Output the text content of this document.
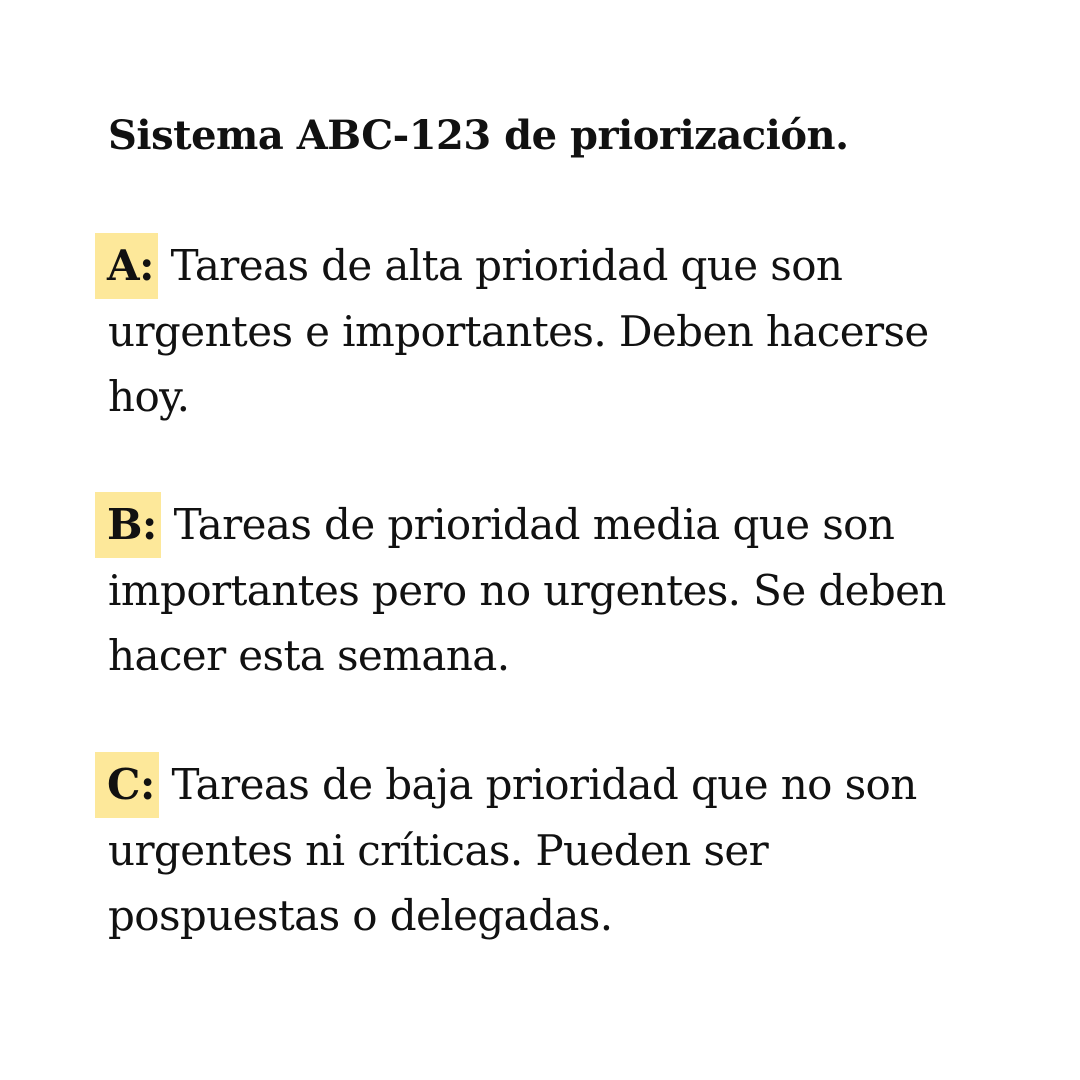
Sistema ABC-123 de priorización.

A: Tareas de alta prioridad que son urgentes e importantes. Deben hacerse hoy.

B: Tareas de prioridad media que son importantes pero no urgentes. Se deben hacer esta semana.

C: Tareas de baja prioridad que no son urgentes ni críticas. Pueden ser pospuestas o delegadas.
